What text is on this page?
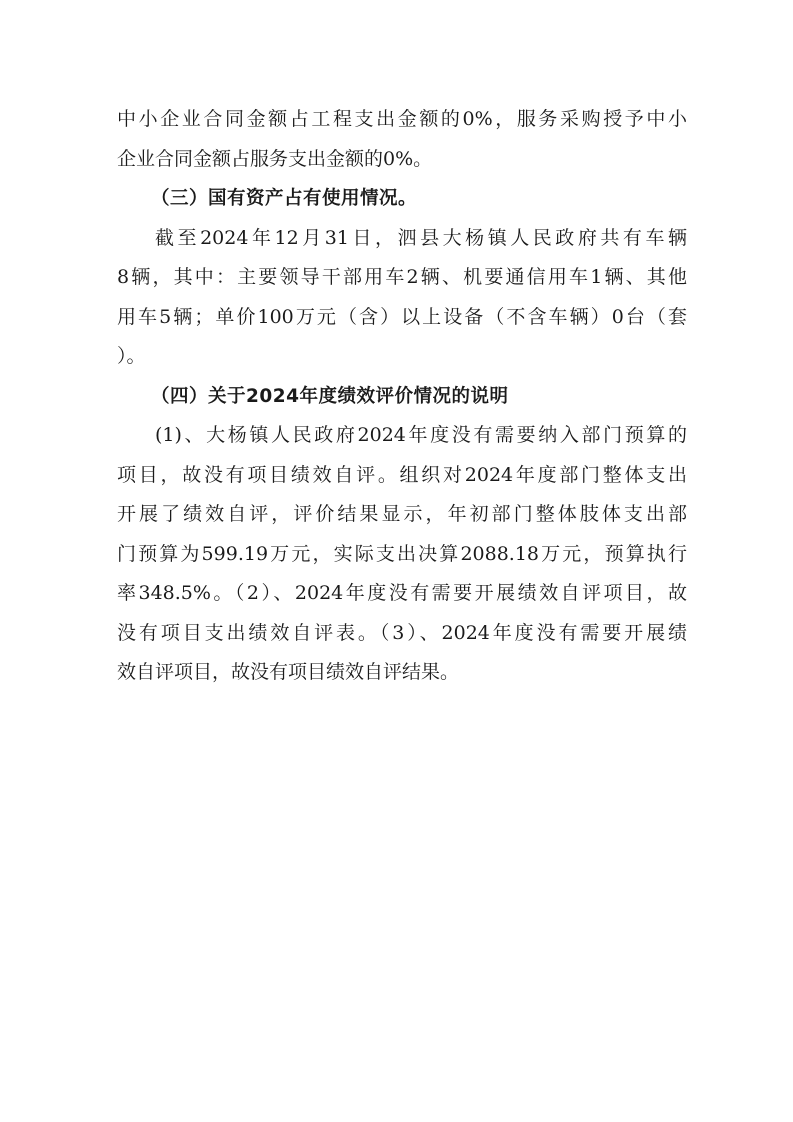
中小企业合同金额占工程支出金额的0%，服务采购授予中小
企业合同金额占服务支出金额的0%。
（三）国有资产占有使用情况。
截至2024年12月31日，泗县大杨镇人民政府共有车辆
8辆，其中：主要领导干部用车2辆、机要通信用车1辆、其他
用车5辆；单价100万元（含）以上设备（不含车辆）0台（套
）。
（四）关于2024年度绩效评价情况的说明
(1)、大杨镇人民政府2024年度没有需要纳入部门预算的
项目，故没有项目绩效自评。组织对2024年度部门整体支出
开展了绩效自评，评价结果显示，年初部门整体肢体支出部
门预算为599.19万元，实际支出决算2088.18万元，预算执行
率348.5%。（2）、2024年度没有需要开展绩效自评项目，故
没有项目支出绩效自评表。（3）、2024年度没有需要开展绩
效自评项目，故没有项目绩效自评结果。
